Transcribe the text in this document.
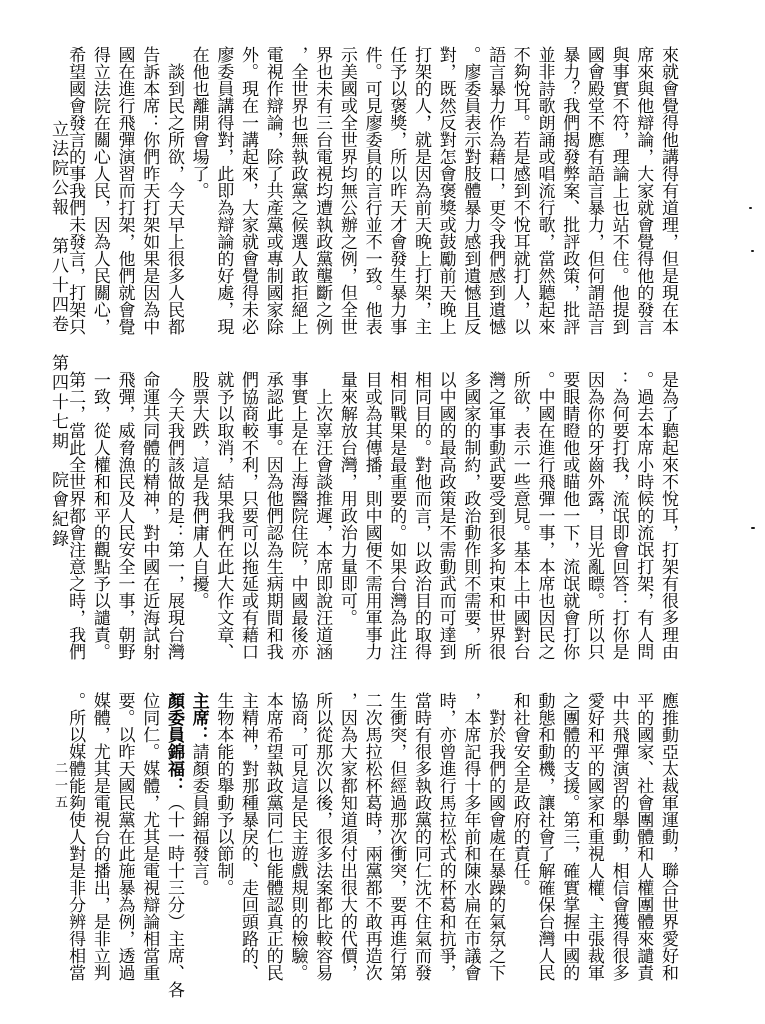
立法院公報　第八十四卷　第四十七期　院會紀錄
二一五
來就會覺得他講得有道理，但是現在本
席來與他辯論，大家就會覺得他的發言
與事實不符，理論上也站不住。他提到
國會殿堂不應有語言暴力，但何謂語言
暴力？我們揭發弊案、批評政策，批評
並非詩歌朗誦或唱流行歌，當然聽起來
不夠悅耳。若是感到不悅耳就打人，以
語言暴力作為藉口，更令我們感到遺憾
。廖委員表示對肢體暴力感到遺憾且反
對，既然反對怎會褒獎或鼓勵前天晚上
打架的人，就是因為前天晚上打架，主
任予以褒獎，所以昨天才會發生暴力事
件。可見廖委員的言行並不一致。他表
示美國或全世界均無公辦之例，但全世
界也未有三台電視均遭執政黨壟斷之例
，全世界也無執政黨之候選人敢拒絕上
電視作辯論，除了共產黨或專制國家除
外。現在一講起來，大家就會覺得未必
廖委員講得對，此即為辯論的好處，現
在他也離開會場了。
　談到民之所欲，今天早上很多人民都
告訴本席：你們昨天打架如果是因為中
國在進行飛彈演習而打架，他們就會覺
得立法院在關心人民，因為人民關心，
希望國會發言的事我們未發言，打架只
是為了聽起來不悅耳，打架有很多理由
。過去本席小時候的流氓打架，有人問
：為何要打我，流氓即會回答：打你是
因為你的牙齒外露，目光亂瞟。所以只
要眼睛瞪他或瞄他一下，流氓就會打你
。中國在進行飛彈一事，本席也因民之
所欲，表示一些意見。基本上中國對台
灣之軍事動武要受到很多拘束和世界很
多國家的制約，政治動作則不需要，所
以中國的最高政策是不需動武而可達到
相同目的。對他而言，以政治目的取得
相同戰果是最重要的。如果台灣為此注
目或為其傳播，則中國便不需用軍事力
量來解放台灣，用政治力量即可。
　上次辜汪會談推遲，本席即說汪道涵
事實上是在上海醫院住院，中國最後亦
承認此事。因為他們認為生病期間和我
們協商較不利，只要可以拖延或有藉口
就予以取消，結果我們在此大作文章、
股票大跌，這是我們庸人自擾。
　今天我們該做的是：第一，展現台灣
命運共同體的精神，對中國在近海試射
飛彈，威脅漁民及人民安全一事，朝野
一致，從人權和和平的觀點予以譴責。
第二，當此全世界都會注意之時，我們
應推動亞太裁軍運動，聯合世界愛好和
平的國家、社會團體和人權團體來譴責
中共飛彈演習的舉動，相信會獲得很多
愛好和平的國家和重視人權、主張裁軍
之團體的支援。第三，確實掌握中國的
動態和動機，讓社會了解確保台灣人民
和社會安全是政府的責任。
　對於我們的國會處在暴躁的氣氛之下
，本席記得十多年前和陳水扁在市議會
時，亦曾進行馬拉松式的杯葛和抗爭，
當時有很多執政黨的同仁沈不住氣而發
生衝突，但經過那次衝突，要再進行第
二次馬拉松杯葛時，兩黨都不敢再造次
，因為大家都知道須付出很大的代價，
所以從那次以後，很多法案都比較容易
協商，可見這是民主遊戲規則的檢驗。
本席希望執政黨同仁也能體認真正的民
主精神，對那種暴戾的、走回頭路的、
生物本能的舉動予以節制。
主席：請顏委員錦福發言。
顏委員錦福：（十一時十三分）主席、各
位同仁。媒體，尤其是電視辯論相當重
要。以昨天國民黨在此施暴為例，透過
媒體，尤其是電視台的播出，是非立判
。所以媒體能夠使人對是非分辨得相當
